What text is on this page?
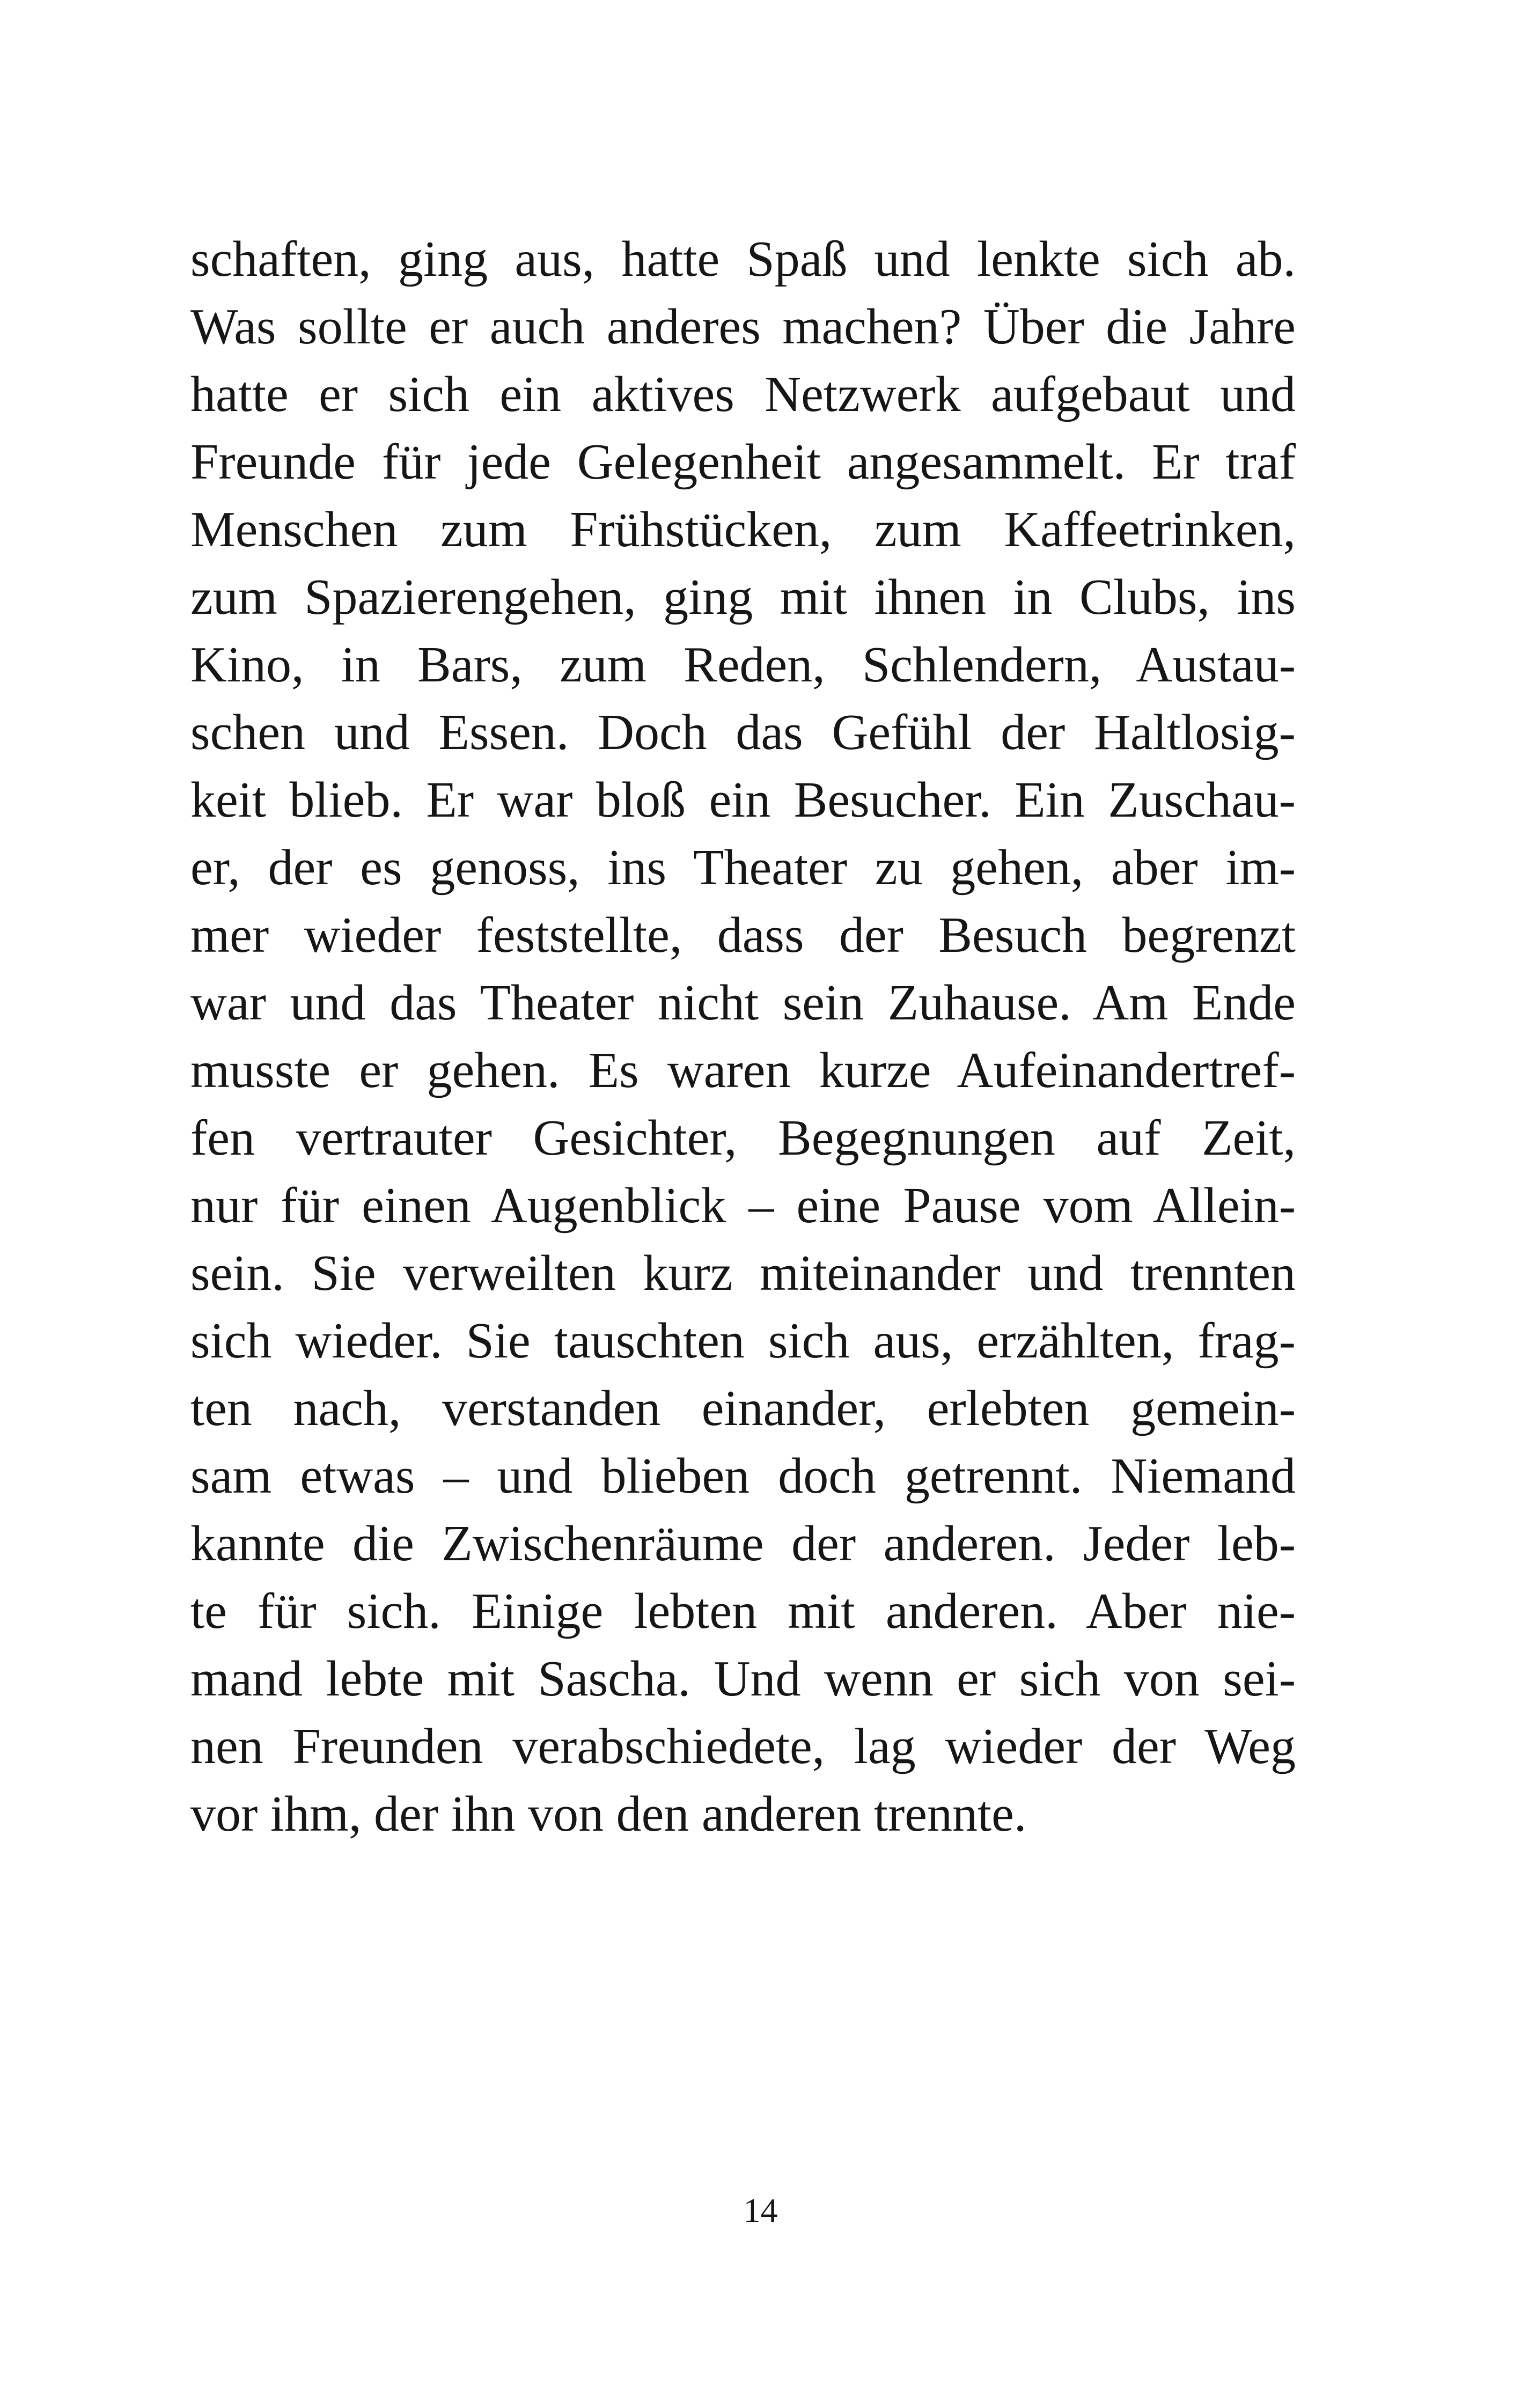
schaften, ging aus, hatte Spaß und lenkte sich ab.
Was sollte er auch anderes machen? Über die Jahre
hatte er sich ein aktives Netzwerk aufgebaut und
Freunde für jede Gelegenheit angesammelt. Er traf
Menschen zum Frühstücken, zum Kaffeetrinken,
zum Spazierengehen, ging mit ihnen in Clubs, ins
Kino, in Bars, zum Reden, Schlendern, Austau-
schen und Essen. Doch das Gefühl der Haltlosig-
keit blieb. Er war bloß ein Besucher. Ein Zuschau-
er, der es genoss, ins Theater zu gehen, aber im-
mer wieder feststellte, dass der Besuch begrenzt
war und das Theater nicht sein Zuhause. Am Ende
musste er gehen. Es waren kurze Aufeinandertref-
fen vertrauter Gesichter, Begegnungen auf Zeit,
nur für einen Augenblick – eine Pause vom Allein-
sein. Sie verweilten kurz miteinander und trennten
sich wieder. Sie tauschten sich aus, erzählten, frag-
ten nach, verstanden einander, erlebten gemein-
sam etwas – und blieben doch getrennt. Niemand
kannte die Zwischenräume der anderen. Jeder leb-
te für sich. Einige lebten mit anderen. Aber nie-
mand lebte mit Sascha. Und wenn er sich von sei-
nen Freunden verabschiedete, lag wieder der Weg
vor ihm, der ihn von den anderen trennte.
14
